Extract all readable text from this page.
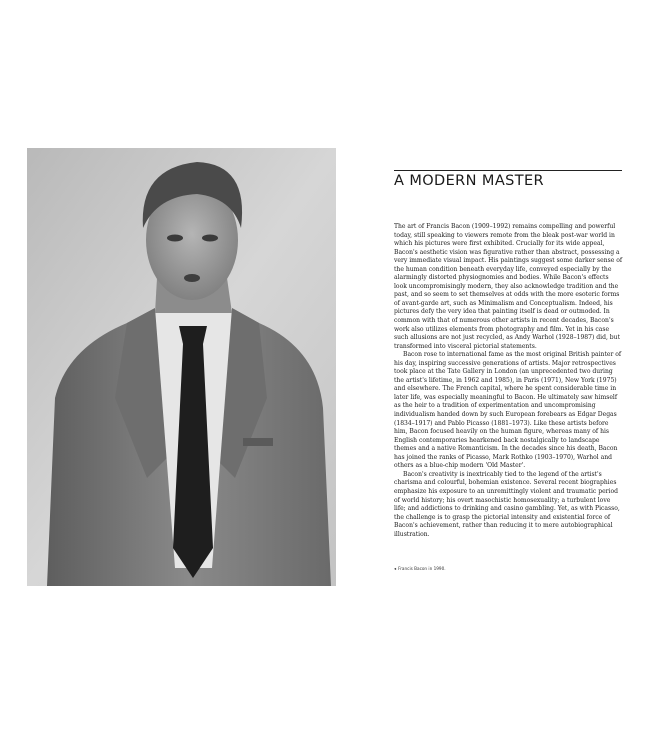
A MODERN MASTER

The art of Francis Bacon (1909–1992) remains compelling and powerful today, still speaking to viewers remote from the bleak post-war world in which his pictures were first exhibited. Crucially for its wide appeal, Bacon's aesthetic vision was figurative rather than abstract, possessing a very immediate visual impact. His paintings suggest some darker sense of the human condition beneath everyday life, conveyed especially by the alarmingly distorted physiognomies and bodies. While Bacon's effects look uncompromisingly modern, they also acknowledge tradition and the past, and so seem to set themselves at odds with the more esoteric forms of avant-garde art, such as Minimalism and Conceptualism. Indeed, his pictures defy the very idea that painting itself is dead or outmoded. In common with that of numerous other artists in recent decades, Bacon's work also utilizes elements from photography and film. Yet in his case such allusions are not just recycled, as Andy Warhol (1928–1987) did, but transformed into visceral pictorial statements.

Bacon rose to international fame as the most original British painter of his day, inspiring successive generations of artists. Major retrospectives took place at the Tate Gallery in London (an unprecedented two during the artist's lifetime, in 1962 and 1985), in Paris (1971), New York (1975) and elsewhere. The French capital, where he spent considerable time in later life, was especially meaningful to Bacon. He ultimately saw himself as the heir to a tradition of experimentation and uncompromising individualism handed down by such European forebears as Edgar Degas (1834–1917) and Pablo Picasso (1881–1973). Like these artists before him, Bacon focused heavily on the human figure, whereas many of his English contemporaries hearkened back nostalgically to landscape themes and a native Romanticism. In the decades since his death, Bacon has joined the ranks of Picasso, Mark Rothko (1903–1970), Warhol and others as a blue-chip modern 'Old Master'.

Bacon's creativity is inextricably tied to the legend of the artist's charisma and colourful, bohemian existence. Several recent biographies emphasize his exposure to an unremittingly violent and traumatic period of world history; his overt masochistic homosexuality; a turbulent love life; and addictions to drinking and casino gambling. Yet, as with Picasso, the challenge is to grasp the pictorial intensity and existential force of Bacon's achievement, rather than reducing it to mere autobiographical illustration.

◂ Francis Bacon in 1990.
